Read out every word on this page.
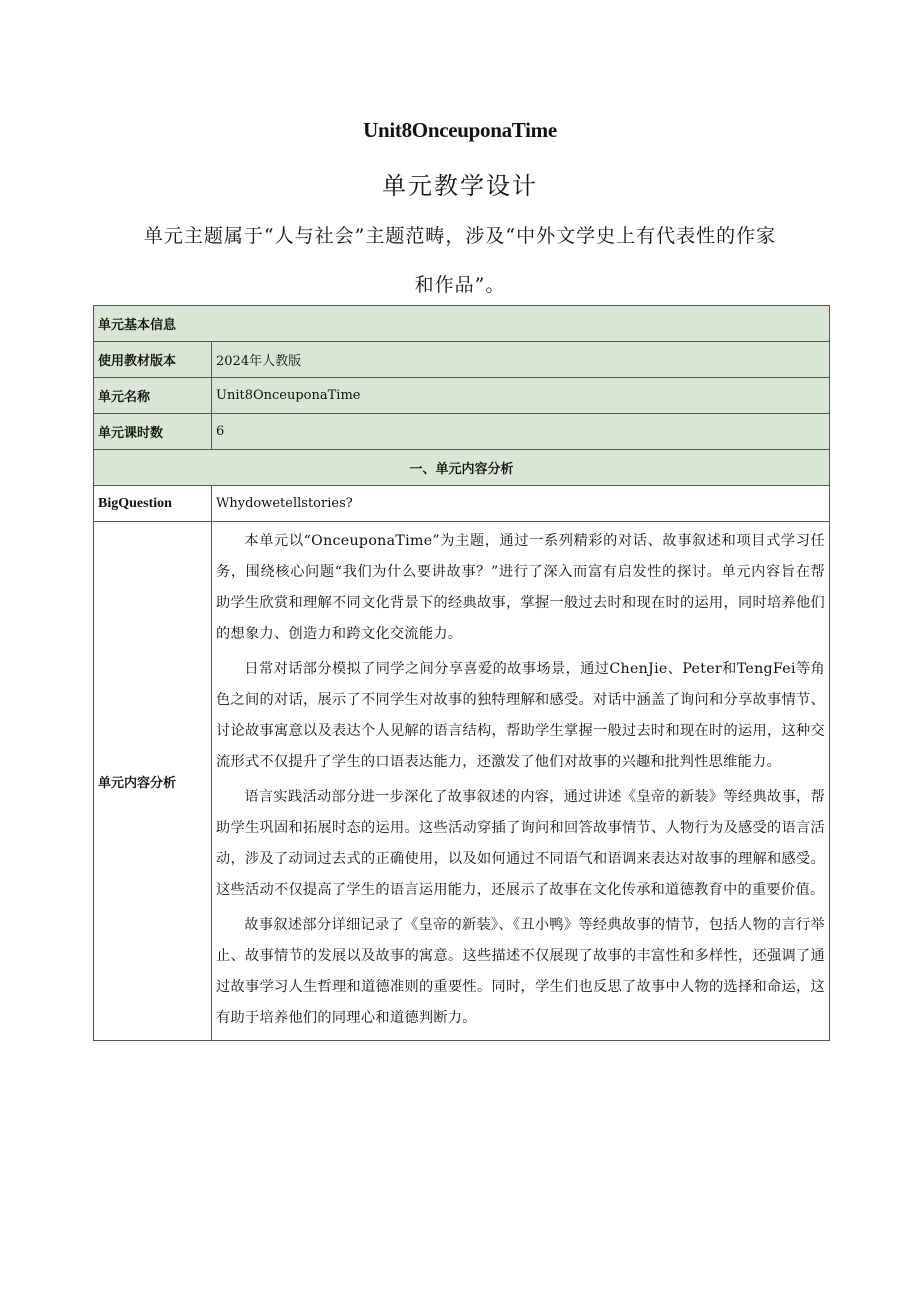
Unit8OnceuponaTime
单元教学设计
单元主题属于“人与社会”主题范畴，涉及“中外文学史上有代表性的作家和作品”。
单元基本信息	
使用教材版本	2024年人教版
单元名称	Unit8OnceuponaTime
单元课时数	6
一、单元内容分析	
BigQuestion	Whydowetellstories?
单元内容分析	本单元以“OnceuponaTime”为主题，通过一系列精彩的对话、故事叙述和项目式学习任务，围绕核心问题“我们为什么要讲故事？”进行了深入而富有启发性的探讨。单元内容旨在帮助学生欣赏和理解不同文化背景下的经典故事，掌握一般过去时和现在时的运用，同时培养他们的想象力、创造力和跨文化交流能力。

日常对话部分模拟了同学之间分享喜爱的故事场景，通过ChenJie、Peter和TengFei等角色之间的对话，展示了不同学生对故事的独特理解和感受。对话中涵盖了询问和分享故事情节、讨论故事寓意以及表达个人见解的语言结构，帮助学生掌握一般过去时和现在时的运用，这种交流形式不仅提升了学生的口语表达能力，还激发了他们对故事的兴趣和批判性思维能力。

语言实践活动部分进一步深化了故事叙述的内容，通过讲述《皇帝的新装》等经典故事，帮助学生巩固和拓展时态的运用。这些活动穿插了询问和回答故事情节、人物行为及感受的语言活动，涉及了动词过去式的正确使用，以及如何通过不同语气和语调来表达对故事的理解和感受。这些活动不仅提高了学生的语言运用能力，还展示了故事在文化传承和道德教育中的重要价值。

故事叙述部分详细记录了《皇帝的新装》、《丑小鸭》等经典故事的情节，包括人物的言行举止、故事情节的发展以及故事的寓意。这些描述不仅展现了故事的丰富性和多样性，还强调了通过故事学习人生哲理和道德准则的重要性。同时，学生们也反思了故事中人物的选择和命运，这有助于培养他们的同理心和道德判断力。
